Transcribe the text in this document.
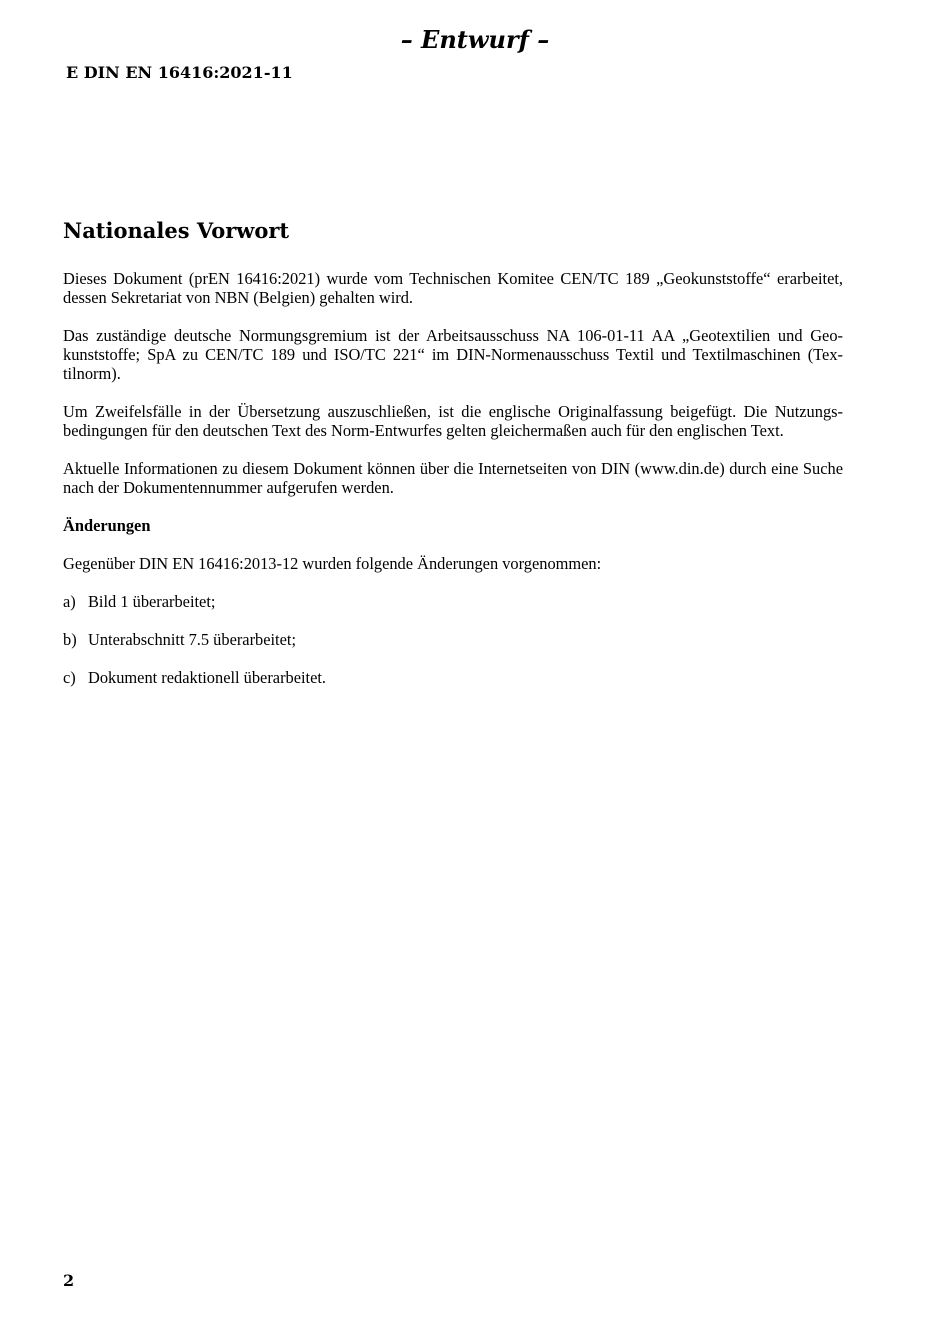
– Entwurf –
E DIN EN 16416:2021-11
Nationales Vorwort

Dieses Dokument (prEN 16416:2021) wurde vom Technischen Komitee CEN/TC 189 „Geokunststoffe“ erarbeitet, dessen Sekretariat von NBN (Belgien) gehalten wird.

Das zuständige deutsche Normungsgremium ist der Arbeitsausschuss NA 106-01-11 AA „Geotextilien und Geokunststoffe; SpA zu CEN/TC 189 und ISO/TC 221“ im DIN-Normenausschuss Textil und Textilmaschinen (Textilnorm).

Um Zweifelsfälle in der Übersetzung auszuschließen, ist die englische Originalfassung beigefügt. Die Nutzungsbedingungen für den deutschen Text des Norm-Entwurfes gelten gleichermaßen auch für den englischen Text.

Aktuelle Informationen zu diesem Dokument können über die Internetseiten von DIN (www.din.de) durch eine Suche nach der Dokumentennummer aufgerufen werden.

Änderungen

Gegenüber DIN EN 16416:2013-12 wurden folgende Änderungen vorgenommen:

a) Bild 1 überarbeitet;
b) Unterabschnitt 7.5 überarbeitet;
c) Dokument redaktionell überarbeitet.
2
